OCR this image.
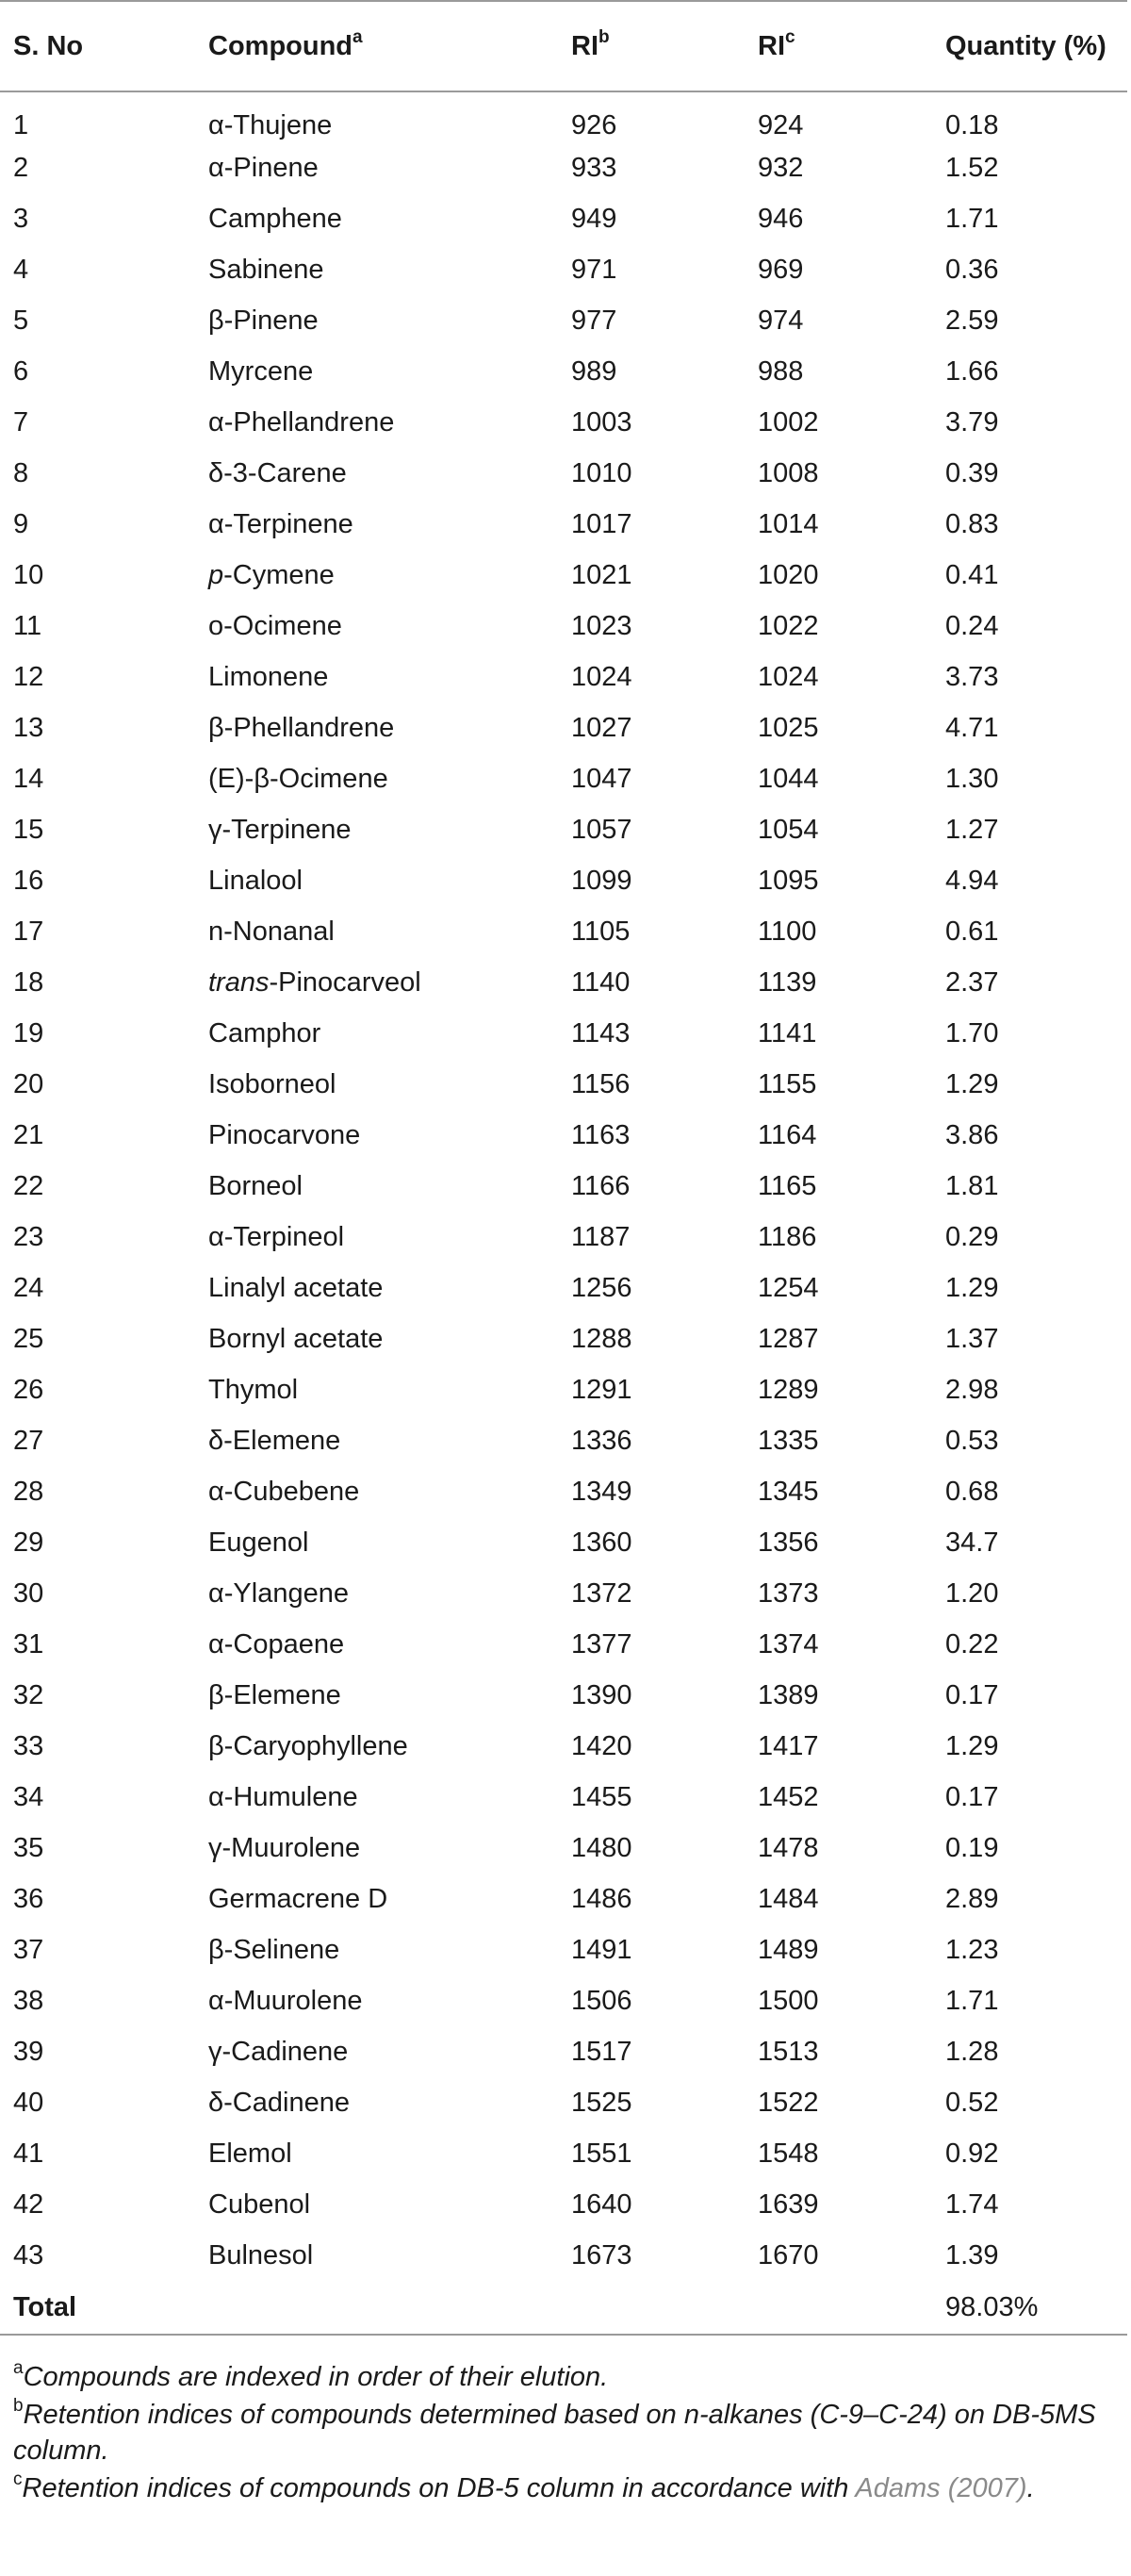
S. No	Compound$^a$	$RI^b$	$RI^c$	Quantity (%)
1	α-Thujene	926	924	0.18
2	α-Pinene	933	932	1.52
3	Camphene	949	946	1.71
4	Sabinene	971	969	0.36
5	β-Pinene	977	974	2.59
6	Myrcene	989	988	1.66
7	α-Phellandrene	1003	1002	3.79
8	δ-3-Carene	1010	1008	0.39
9	α-Terpinene	1017	1014	0.83
10	p-Cymene	1021	1020	0.41
11	o-Ocimene	1023	1022	0.24
12	Limonene	1024	1024	3.73
13	β-Phellandrene	1027	1025	4.71
14	(E)-β-Ocimene	1047	1044	1.30
15	γ-Terpinene	1057	1054	1.27
16	Linalool	1099	1095	4.94
17	n-Nonanal	1105	1100	0.61
18	trans-Pinocarveol	1140	1139	2.37
19	Camphor	1143	1141	1.70
20	Isoborneol	1156	1155	1.29
21	Pinocarvone	1163	1164	3.86
22	Borneol	1166	1165	1.81
23	α-Terpineol	1187	1186	0.29
24	Linalyl acetate	1256	1254	1.29
25	Bornyl acetate	1288	1287	1.37
26	Thymol	1291	1289	2.98
27	δ-Elemene	1336	1335	0.53
28	α-Cubebene	1349	1345	0.68
29	Eugenol	1360	1356	34.7
30	α-Ylangene	1372	1373	1.20
31	α-Copaene	1377	1374	0.22
32	β-Elemene	1390	1389	0.17
33	β-Caryophyllene	1420	1417	1.29
34	α-Humulene	1455	1452	0.17
35	γ-Muurolene	1480	1478	0.19
36	Germacrene D	1486	1484	2.89
37	β-Selinene	1491	1489	1.23
38	α-Muurolene	1506	1500	1.71
39	γ-Cadinene	1517	1513	1.28
40	δ-Cadinene	1525	1522	0.52
41	Elemol	1551	1548	0.92
42	Cubenol	1640	1639	1.74
43	Bulnesol	1673	1670	1.39
Total				98.03%

$^a$Compounds are indexed in order of their elution.

$^b$Retention indices of compounds determined based on n-alkanes (C-9–C-24) on DB-5MS column.

$^c$Retention indices of compounds on DB-5 column in accordance with Adams (2007).
